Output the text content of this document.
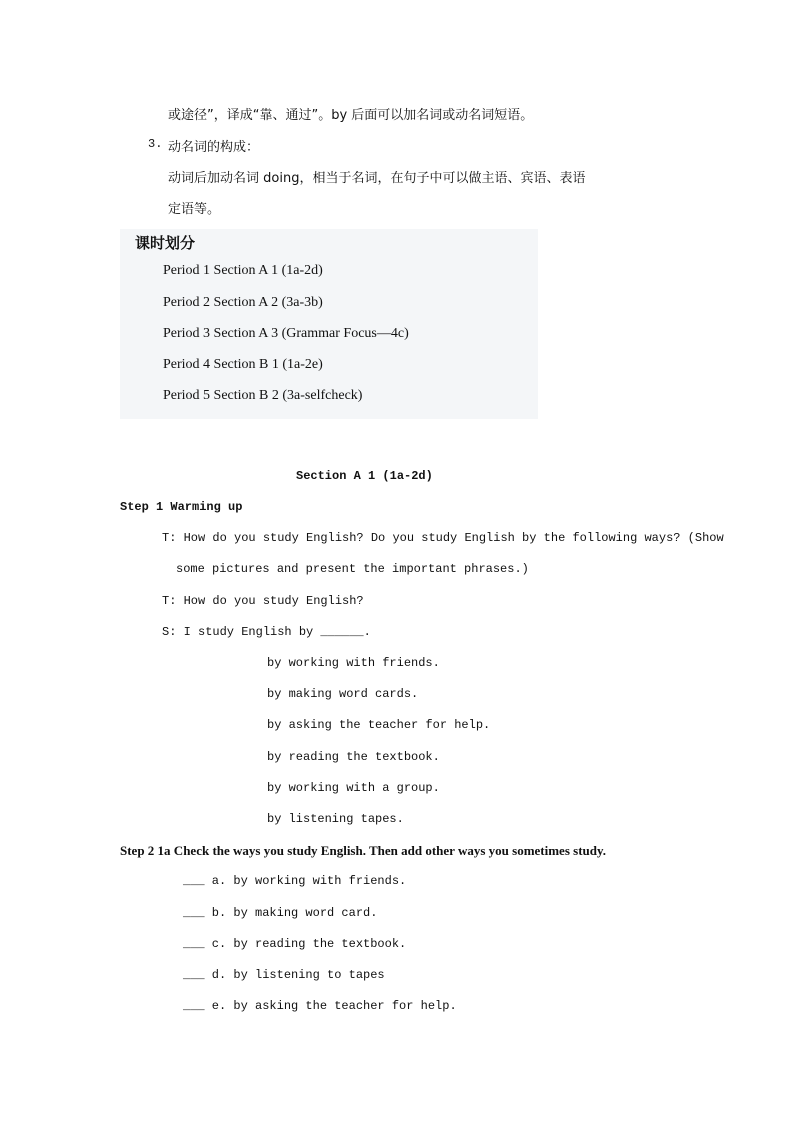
或途径”，译成“靠、通过”。by 后面可以加名词或动名词短语。
3. 动名词的构成：
动词后加动名词 doing，相当于名词，在句子中可以做主语、宾语、表语
定语等。
课时划分
Period 1 Section A 1 (1a-2d)
Period 2 Section A 2 (3a-3b)
Period 3 Section A 3 (Grammar Focus—4c)
Period 4 Section B 1 (1a-2e)
Period 5 Section B 2 (3a-selfcheck)
Section A 1 (1a-2d)
Step 1 Warming up
T: How do you study English? Do you study English by the following ways? (Show
some pictures and present the important phrases.)
T: How do you study English?
S: I study English by ______.
by working with friends.
by making word cards.
by asking the teacher for help.
by reading the textbook.
by working with a group.
by listening tapes.
Step 2 1a Check the ways you study English. Then add other ways you sometimes study.
___ a. by working with friends.
___ b. by making word card.
___ c. by reading the textbook.
___ d. by listening to tapes
___ e. by asking the teacher for help.
